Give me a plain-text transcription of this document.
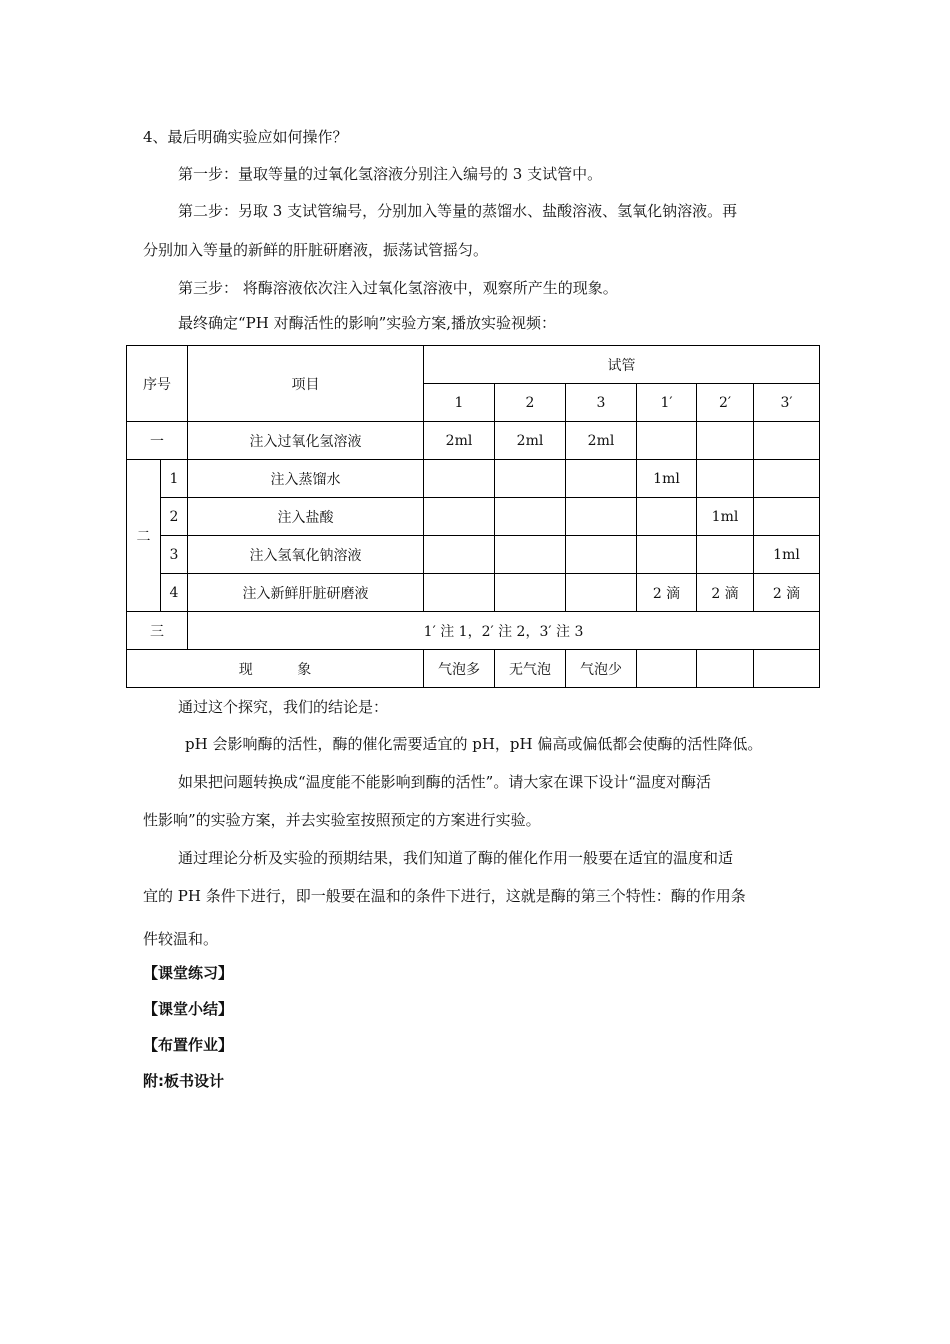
4、最后明确实验应如何操作？
第一步：量取等量的过氧化氢溶液分别注入编号的 3 支试管中。
第二步：另取 3 支试管编号，分别加入等量的蒸馏水、盐酸溶液、氢氧化钠溶液。再
分别加入等量的新鲜的肝脏研磨液，振荡试管摇匀。
第三步： 将酶溶液依次注入过氧化氢溶液中，观察所产生的现象。
最终确定“PH 对酶活性的影响”实验方案,播放实验视频：
序号		项目	试管					
			1	2	3	1′	2′	3′
一		注入过氧化氢溶液	2ml	2ml	2ml			
二	1	注入蒸馏水				1ml		
	2	注入盐酸					1ml	
	3	注入氢氧化钠溶液						1ml
	4	注入新鲜肝脏研磨液				2 滴	2 滴	2 滴
三		1′ 注 1，2′ 注 2，3′ 注 3						
现          象			气泡多	无气泡	气泡少			
通过这个探究，我们的结论是：
pH 会影响酶的活性，酶的催化需要适宜的 pH，pH 偏高或偏低都会使酶的活性降低。
如果把问题转换成“温度能不能影响到酶的活性”。请大家在课下设计“温度对酶活
性影响”的实验方案，并去实验室按照预定的方案进行实验。
通过理论分析及实验的预期结果，我们知道了酶的催化作用一般要在适宜的温度和适
宜的 PH 条件下进行，即一般要在温和的条件下进行，这就是酶的第三个特性：酶的作用条
件较温和。
【课堂练习】
【课堂小结】
【布置作业】
附:板书设计
